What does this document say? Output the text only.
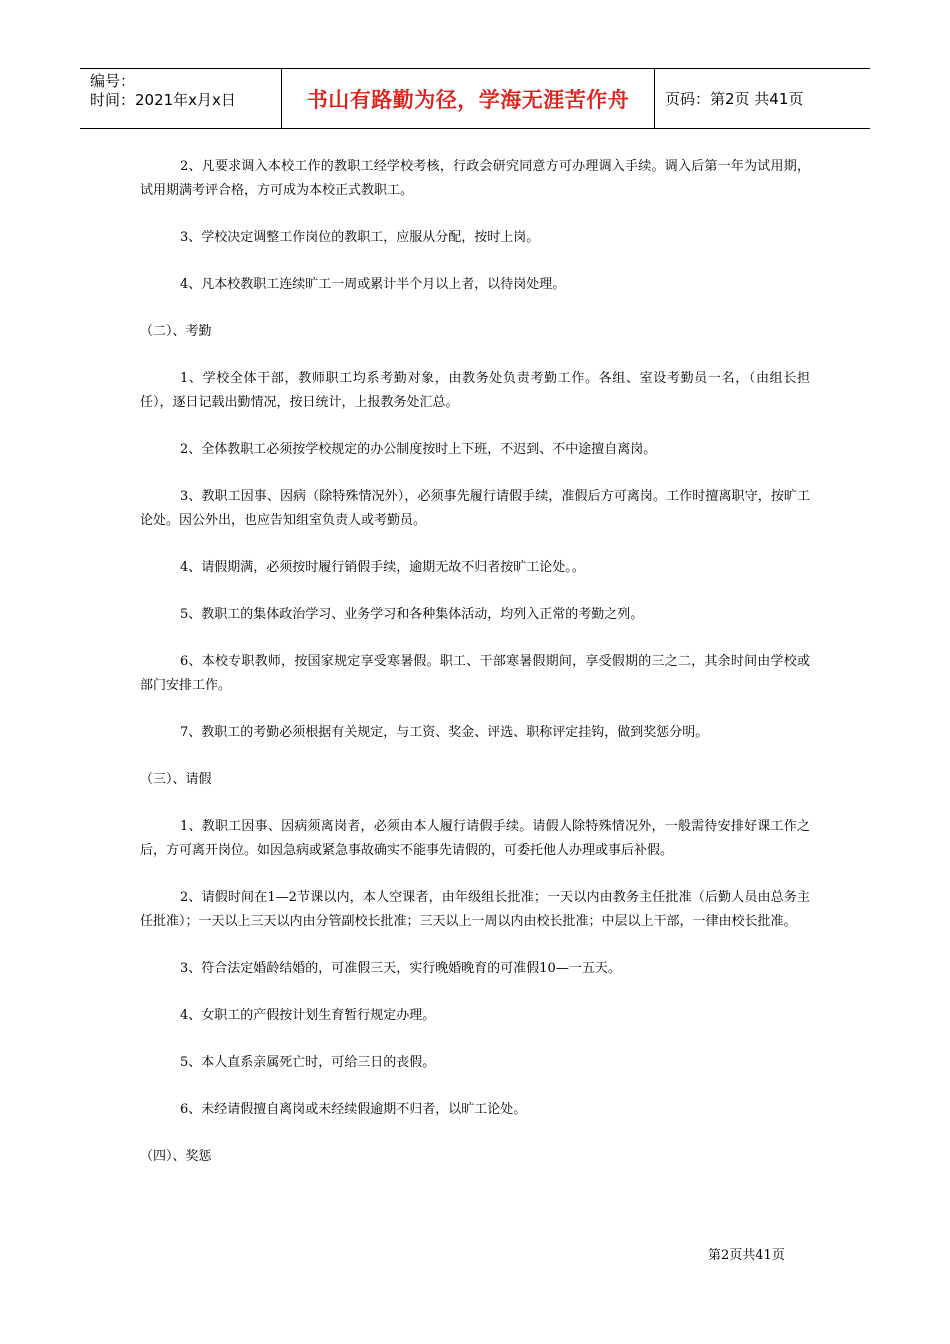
编号：
时间：2021年x月x日	书山有路勤为径，学海无涯苦作舟	页码：第2页 共41页

2、凡要求调入本校工作的教职工经学校考核，行政会研究同意方可办理调入手续。调入后第一年为试用期，试用期满考评合格，方可成为本校正式教职工。

3、学校决定调整工作岗位的教职工，应服从分配，按时上岗。

4、凡本校教职工连续旷工一周或累计半个月以上者，以待岗处理。

（二）、考勤

1、学校全体干部，教师职工均系考勤对象，由教务处负责考勤工作。各组、室设考勤员一名，（由组长担任），逐日记载出勤情况，按日统计，上报教务处汇总。

2、全体教职工必须按学校规定的办公制度按时上下班，不迟到、不中途擅自离岗。

3、教职工因事、因病（除特殊情况外），必须事先履行请假手续，准假后方可离岗。工作时擅离职守，按旷工论处。因公外出，也应告知组室负责人或考勤员。

4、请假期满，必须按时履行销假手续，逾期无故不归者按旷工论处。。

5、教职工的集体政治学习、业务学习和各种集体活动，均列入正常的考勤之列。

6、本校专职教师，按国家规定享受寒暑假。职工、干部寒暑假期间，享受假期的三之二，其余时间由学校或部门安排工作。

7、教职工的考勤必须根据有关规定，与工资、奖金、评选、职称评定挂钩，做到奖惩分明。

（三）、请假

1、教职工因事、因病须离岗者，必须由本人履行请假手续。请假人除特殊情况外，一般需待安排好课工作之后，方可离开岗位。如因急病或紧急事故确实不能事先请假的，可委托他人办理或事后补假。

2、请假时间在1—2节课以内，本人空课者，由年级组长批准；一天以内由教务主任批准（后勤人员由总务主任批准）；一天以上三天以内由分管副校长批准；三天以上一周以内由校长批准；中层以上干部，一律由校长批准。

3、符合法定婚龄结婚的，可准假三天，实行晚婚晚育的可准假10—一五天。

4、女职工的产假按计划生育暂行规定办理。

5、本人直系亲属死亡时，可给三日的丧假。

6、未经请假擅自离岗或未经续假逾期不归者，以旷工论处。

（四）、奖惩

第2页共41页
